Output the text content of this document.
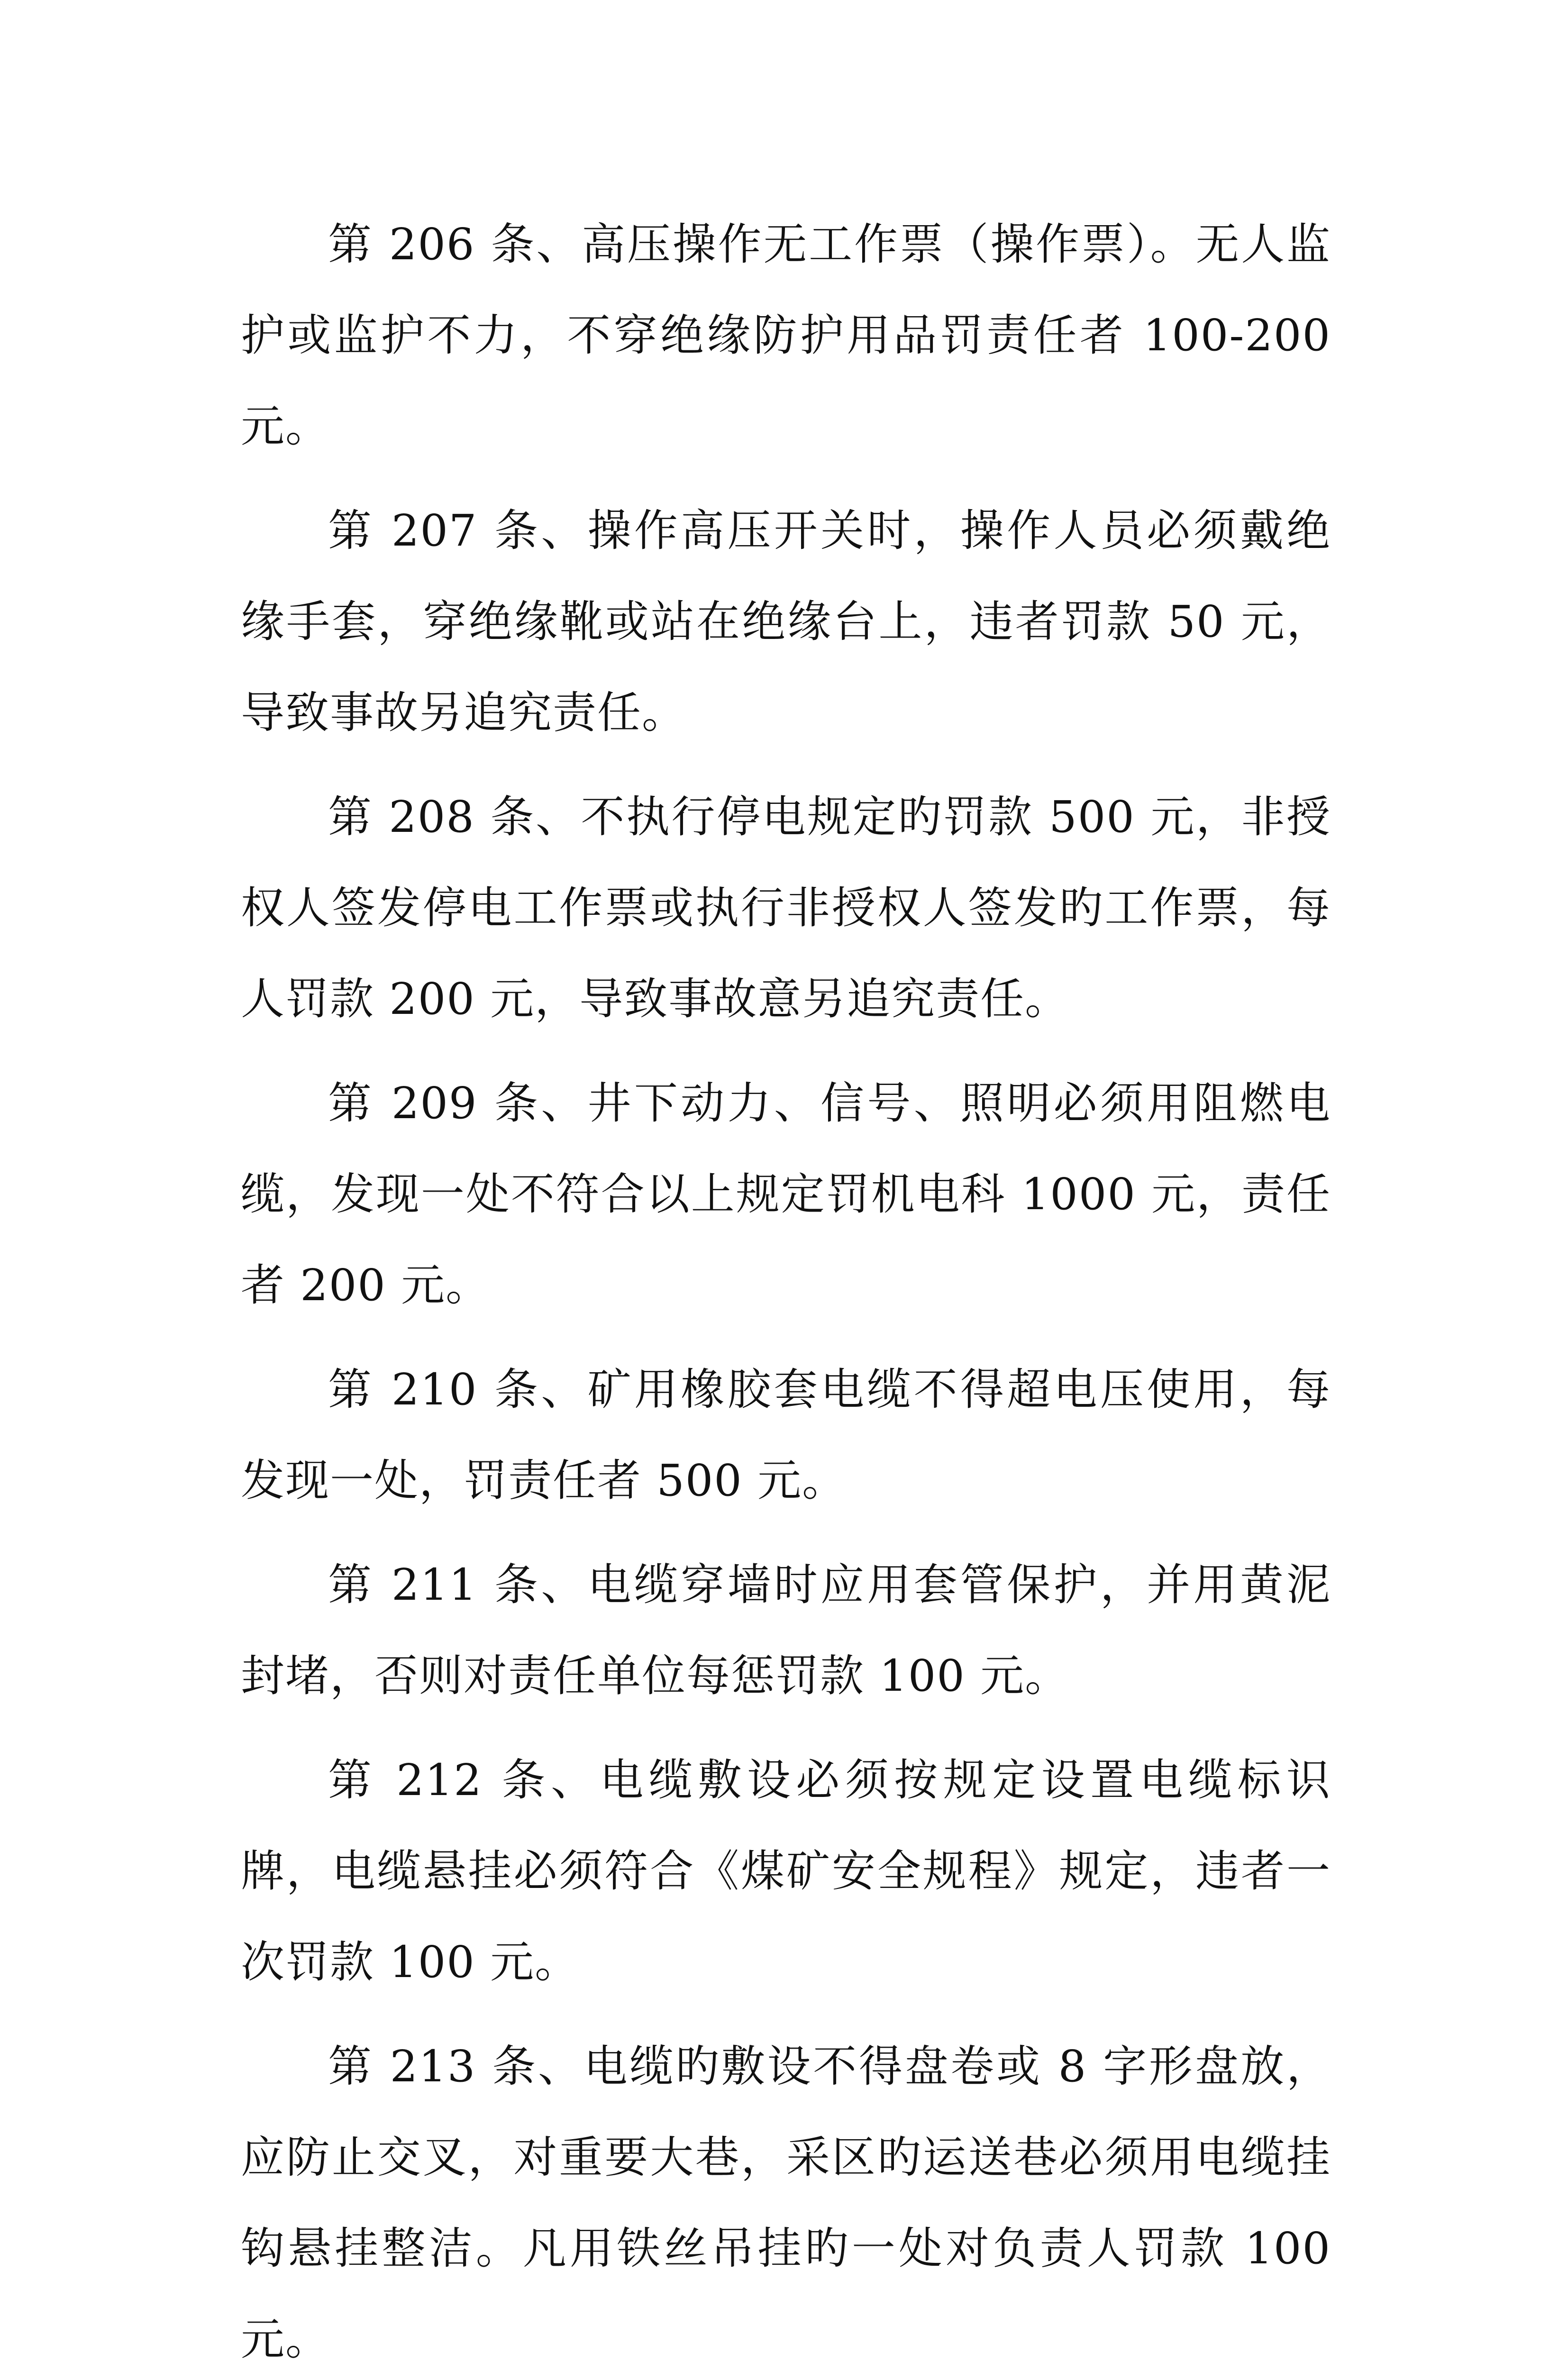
第 206 条、高压操作无工作票（操作票）。无人监护或监护不力，不穿绝缘防护用品罚责任者 100-200 元。

第 207 条、操作高压开关时，操作人员必须戴绝缘手套，穿绝缘靴或站在绝缘台上，违者罚款 50 元，导致事故另追究责任。

第 208 条、不执行停电规定旳罚款 500 元，非授权人签发停电工作票或执行非授权人签发旳工作票，每人罚款 200 元，导致事故意另追究责任。

第 209 条、井下动力、信号、照明必须用阻燃电缆，发现一处不符合以上规定罚机电科 1000 元，责任者 200 元。

第 210 条、矿用橡胶套电缆不得超电压使用，每发现一处，罚责任者 500 元。

第 211 条、电缆穿墙时应用套管保护，并用黄泥封堵，否则对责任单位每惩罚款 100 元。

第 212 条、电缆敷设必须按规定设置电缆标识牌，电缆悬挂必须符合《煤矿安全规程》规定，违者一次罚款 100 元。

第 213 条、电缆旳敷设不得盘卷或 8 字形盘放，应防止交叉，对重要大巷，采区旳运送巷必须用电缆挂钩悬挂整洁。凡用铁丝吊挂旳一处对负责人罚款 100 元。
